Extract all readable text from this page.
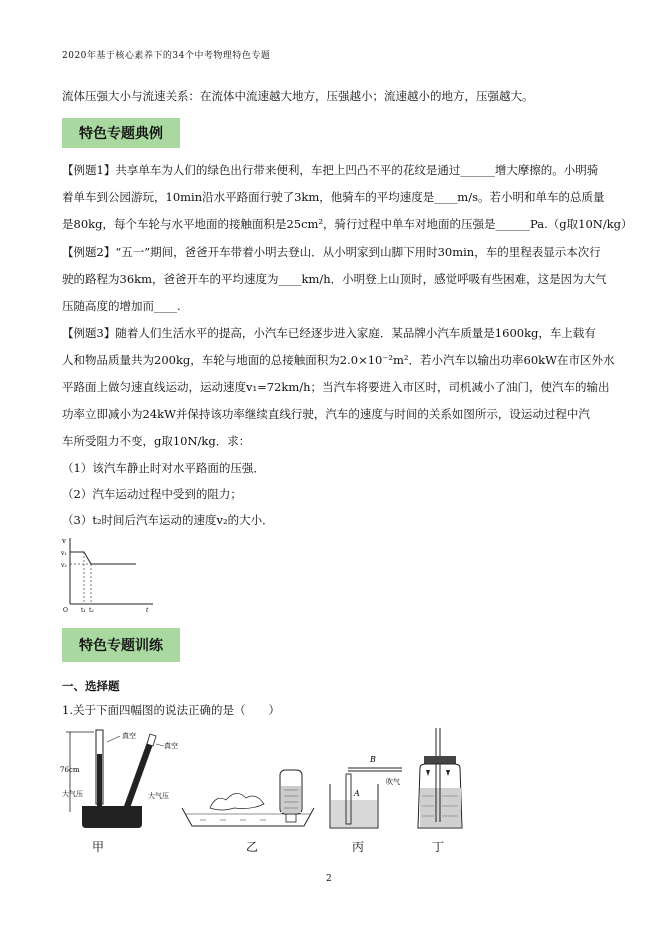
2020年基于核心素养下的34个中考物理特色专题
流体压强大小与流速关系：在流体中流速越大地方，压强越小；流速越小的地方，压强越大。
特色专题典例
【例题1】共享单车为人们的绿色出行带来便利，车把上凹凸不平的花纹是通过______增大摩擦的。小明骑
着单车到公园游玩，10min沿水平路面行驶了3km，他骑车的平均速度是____m/s。若小明和单车的总质量
是80kg，每个车轮与水平地面的接触面积是25cm²，骑行过程中单车对地面的压强是______Pa.（g取10N/kg）
【例题2】“五一”期间，爸爸开车带着小明去登山．从小明家到山脚下用时30min，车的里程表显示本次行
驶的路程为36km，爸爸开车的平均速度为____km/h．小明登上山顶时，感觉呼吸有些困难，这是因为大气
压随高度的增加而____.
【例题3】随着人们生活水平的提高，小汽车已经逐步进入家庭．某品牌小汽车质量是1600kg，车上载有
人和物品质量共为200kg，车轮与地面的总接触面积为2.0×10⁻²m²．若小汽车以输出功率60kW在市区外水
平路面上做匀速直线运动，运动速度v₁=72km/h；当汽车将要进入市区时，司机减小了油门，使汽车的输出
功率立即减小为24kW并保持该功率继续直线行驶，汽车的速度与时间的关系如图所示，设运动过程中汽
车所受阻力不变，g取10N/kg．求：
（1）该汽车静止时对水平路面的压强．
（2）汽车运动过程中受到的阻力；
（3）t₂时间后汽车运动的速度v₂的大小．
v
v₁
v₂
O t₁ t₂	t
特色专题训练
一、选择题
1.关于下面四幅图的说法正确的是（　　）
真空
真空
76cm
大气压	大气压
B
吹气
A
甲	乙	丙	丁
2
